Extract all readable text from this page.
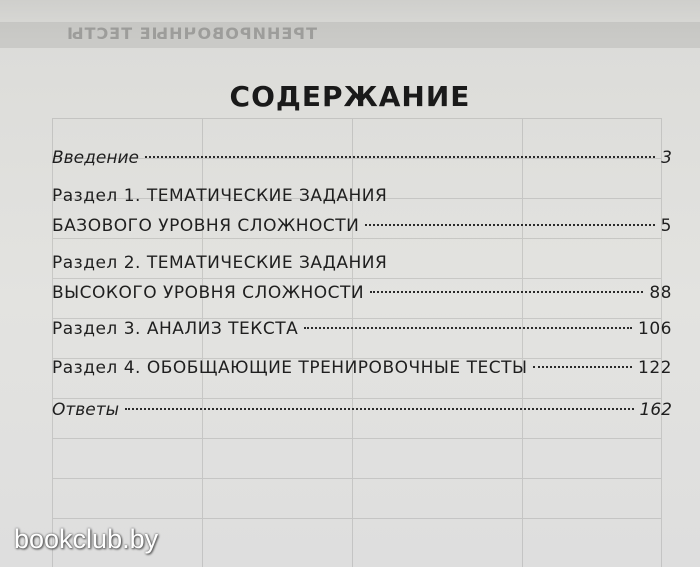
ТРЕНИРОВОЧНЫЕ ТЕСТЫ
СОДЕРЖАНИЕ
Введение	3
Раздел 1. ТЕМАТИЧЕСКИЕ ЗАДАНИЯ
БАЗОВОГО УРОВНЯ СЛОЖНОСТИ	5
Раздел 2. ТЕМАТИЧЕСКИЕ ЗАДАНИЯ
ВЫСОКОГО УРОВНЯ СЛОЖНОСТИ	88
Раздел 3. АНАЛИЗ ТЕКСТА	106
Раздел 4. ОБОБЩАЮЩИЕ ТРЕНИРОВОЧНЫЕ ТЕСТЫ	122
Ответы	162
bookclub.by
